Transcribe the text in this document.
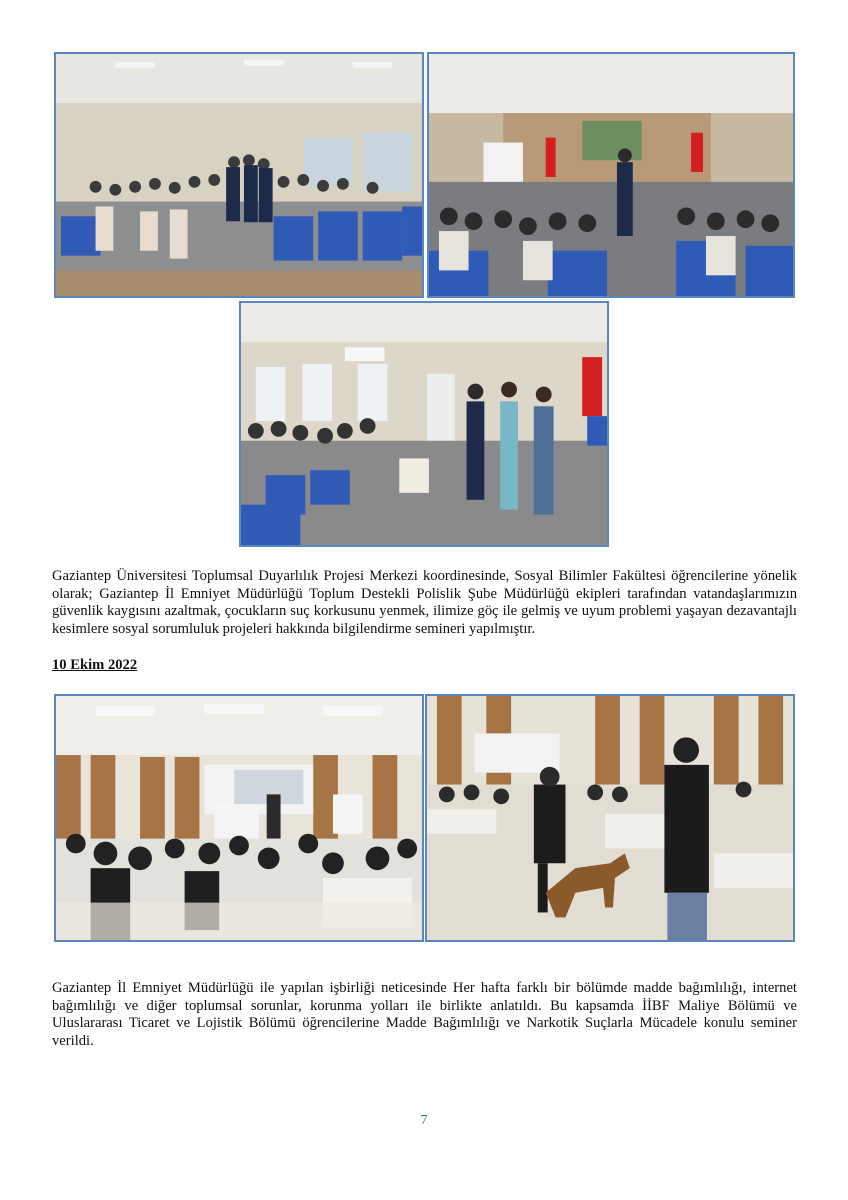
Gaziantep Üniversitesi Toplumsal Duyarlılık Projesi Merkezi koordinesinde, Sosyal Bilimler Fakültesi öğrencilerine yönelik olarak; Gaziantep İl Emniyet Müdürlüğü Toplum Destekli Polislik Şube Müdürlüğü ekipleri tarafından vatandaşlarımızın güvenlik kaygısını azaltmak, çocukların suç korkusunu yenmek, ilimize göç ile gelmiş ve uyum problemi yaşayan dezavantajlı kesimlere sosyal sorumluluk projeleri hakkında bilgilendirme semineri yapılmıştır.

10 Ekim 2022

Gaziantep İl Emniyet Müdürlüğü ile yapılan işbirliği neticesinde Her hafta farklı bir bölümde madde bağımlılığı, internet bağımlılığı ve diğer toplumsal sorunlar, korunma yolları ile birlikte anlatıldı. Bu kapsamda İİBF Maliye Bölümü ve Uluslararası Ticaret ve Lojistik Bölümü öğrencilerine Madde Bağımlılığı ve Narkotik Suçlarla Mücadele konulu seminer verildi.

7
